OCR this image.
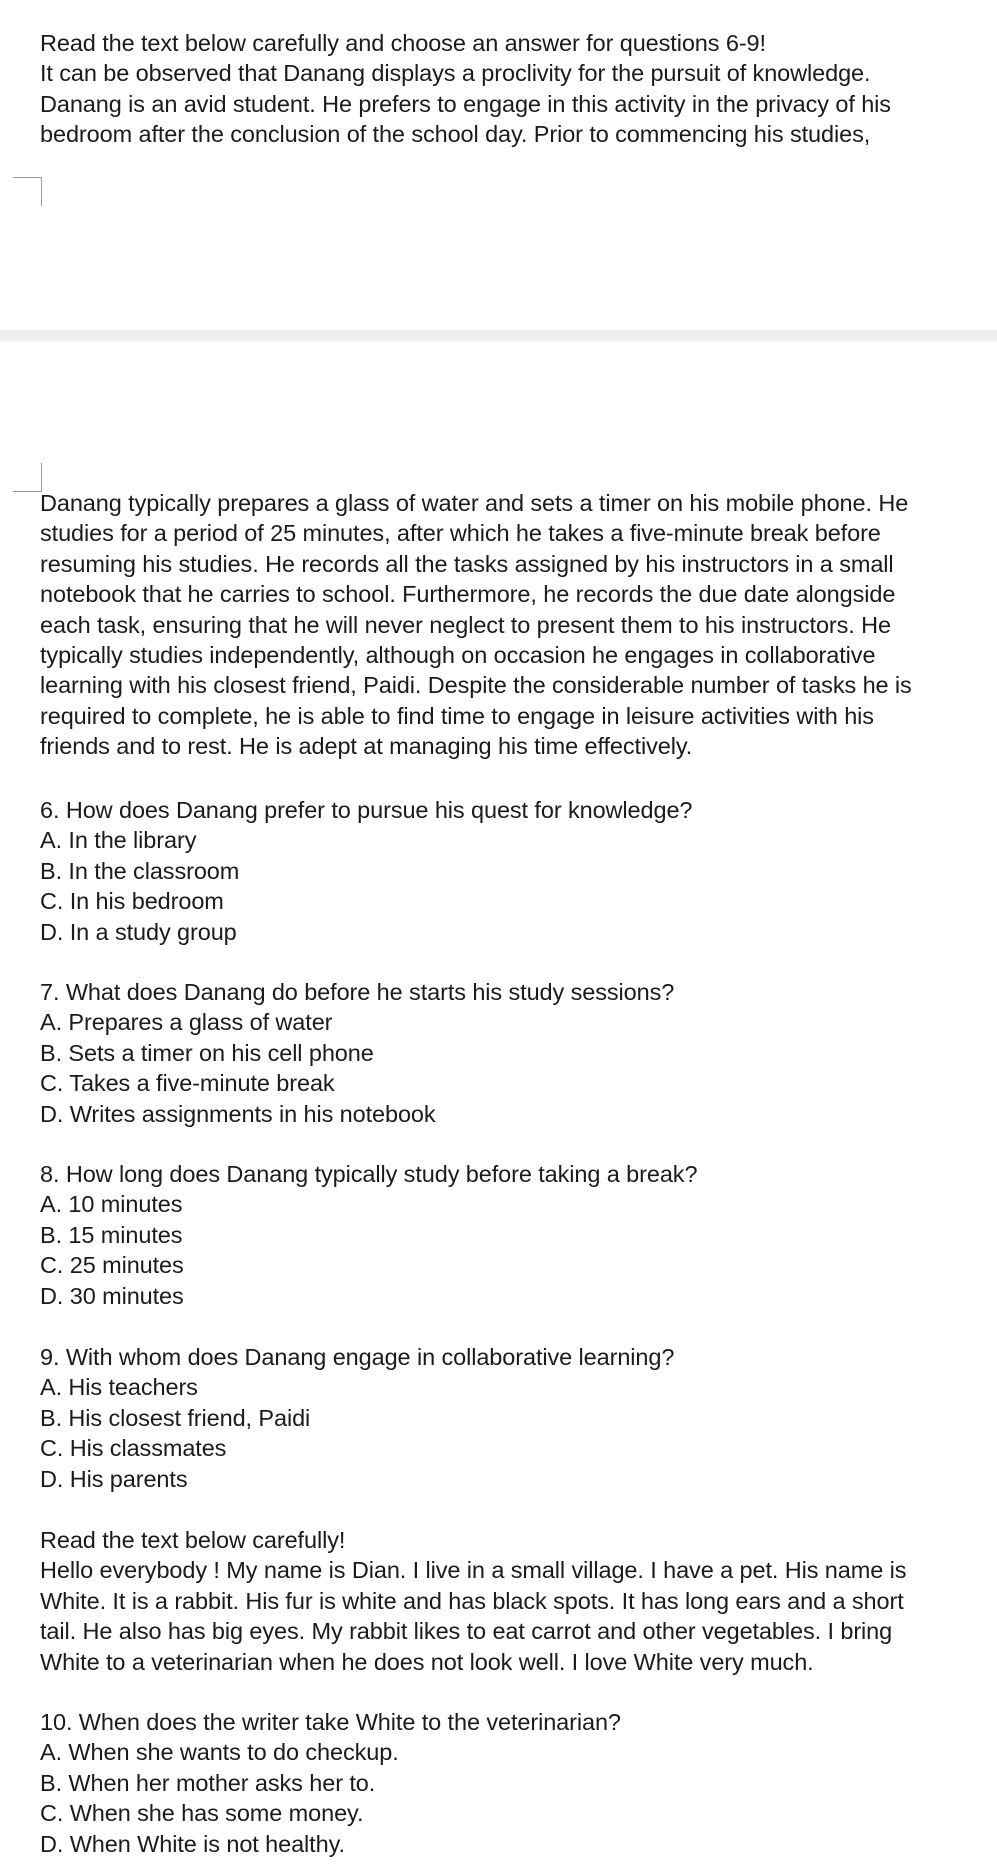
Read the text below carefully and choose an answer for questions 6-9!
It can be observed that Danang displays a proclivity for the pursuit of knowledge.
Danang is an avid student. He prefers to engage in this activity in the privacy of his
bedroom after the conclusion of the school day. Prior to commencing his studies,
Danang typically prepares a glass of water and sets a timer on his mobile phone. He
studies for a period of 25 minutes, after which he takes a five-minute break before
resuming his studies. He records all the tasks assigned by his instructors in a small
notebook that he carries to school. Furthermore, he records the due date alongside
each task, ensuring that he will never neglect to present them to his instructors. He
typically studies independently, although on occasion he engages in collaborative
learning with his closest friend, Paidi. Despite the considerable number of tasks he is
required to complete, he is able to find time to engage in leisure activities with his
friends and to rest. He is adept at managing his time effectively.
6. How does Danang prefer to pursue his quest for knowledge?
A. In the library
B. In the classroom
C. In his bedroom
D. In a study group
7. What does Danang do before he starts his study sessions?
A. Prepares a glass of water
B. Sets a timer on his cell phone
C. Takes a five-minute break
D. Writes assignments in his notebook
8. How long does Danang typically study before taking a break?
A. 10 minutes
B. 15 minutes
C. 25 minutes
D. 30 minutes
9. With whom does Danang engage in collaborative learning?
A. His teachers
B. His closest friend, Paidi
C. His classmates
D. His parents
Read the text below carefully!
Hello everybody ! My name is Dian. I live in a small village. I have a pet. His name is
White. It is a rabbit. His fur is white and has black spots. It has long ears and a short
tail. He also has big eyes. My rabbit likes to eat carrot and other vegetables. I bring
White to a veterinarian when he does not look well. I love White very much.
10. When does the writer take White to the veterinarian?
A. When she wants to do checkup.
B. When her mother asks her to.
C. When she has some money.
D. When White is not healthy.
